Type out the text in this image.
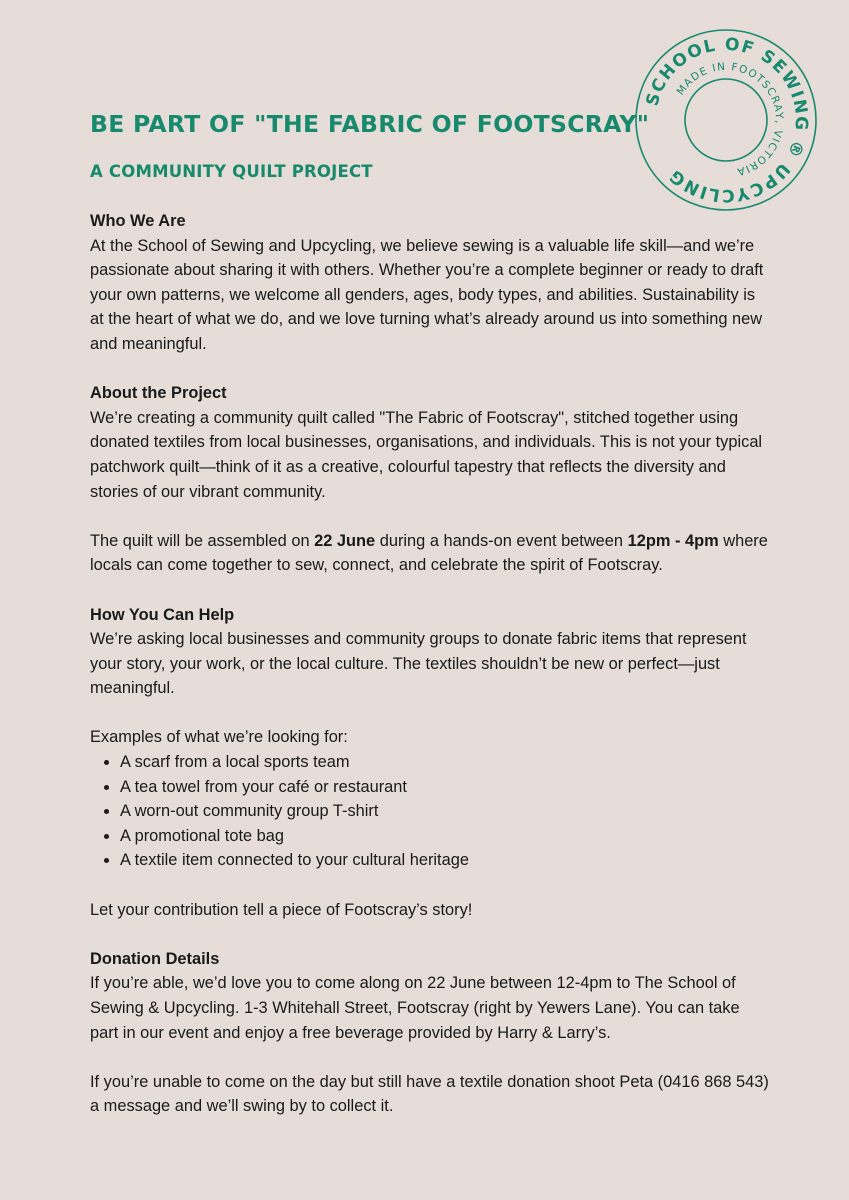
SCHOOL OF SEWING ® UPCYCLING
MADE IN FOOTSCRAY, VICTORIA
BE PART OF "THE FABRIC OF FOOTSCRAY"
A COMMUNITY QUILT PROJECT
Who We Are

At the School of Sewing and Upcycling, we believe sewing is a valuable life skill—and we’re passionate about sharing it with others. Whether you’re a complete beginner or ready to draft your own patterns, we welcome all genders, ages, body types, and abilities. Sustainability is at the heart of what we do, and we love turning what’s already around us into something new and meaningful.

About the Project

We’re creating a community quilt called "The Fabric of Footscray", stitched together using donated textiles from local businesses, organisations, and individuals. This is not your typical patchwork quilt—think of it as a creative, colourful tapestry that reflects the diversity and stories of our vibrant community.

The quilt will be assembled on 22 June during a hands-on event between 12pm - 4pm where locals can come together to sew, connect, and celebrate the spirit of Footscray.

How You Can Help

We’re asking local businesses and community groups to donate fabric items that represent your story, your work, or the local culture. The textiles shouldn’t be new or perfect—just meaningful.

Examples of what we’re looking for:

• A scarf from a local sports team
• A tea towel from your café or restaurant
• A worn-out community group T-shirt
• A promotional tote bag
• A textile item connected to your cultural heritage

Let your contribution tell a piece of Footscray’s story!

Donation Details

If you’re able, we’d love you to come along on 22 June between 12-4pm to The School of Sewing & Upcycling. 1-3 Whitehall Street, Footscray (right by Yewers Lane). You can take part in our event and enjoy a free beverage provided by Harry & Larry’s.

If you’re unable to come on the day but still have a textile donation shoot Peta (0416 868 543) a message and we’ll swing by to collect it.
